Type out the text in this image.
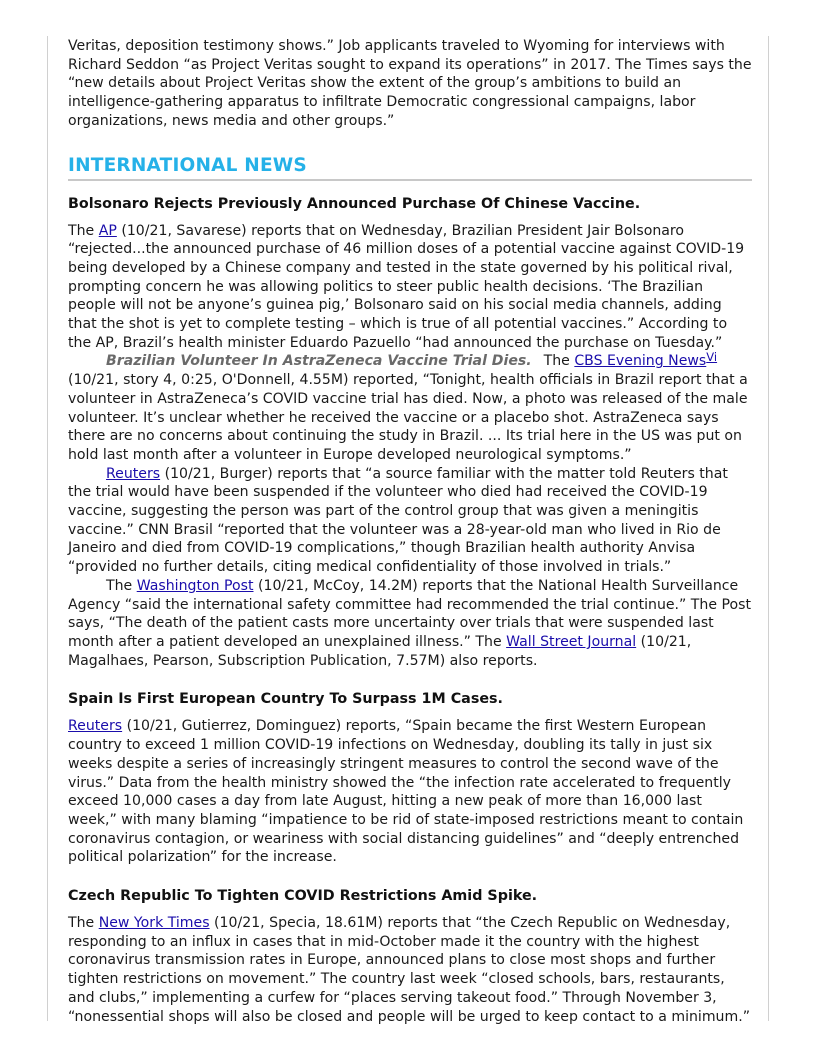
Veritas, deposition testimony shows.” Job applicants traveled to Wyoming for interviews with Richard Seddon “as Project Veritas sought to expand its operations” in 2017. The Times says the “new details about Project Veritas show the extent of the group’s ambitions to build an intelligence-gathering apparatus to infiltrate Democratic congressional campaigns, labor organizations, news media and other groups.”

INTERNATIONAL NEWS
Bolsonaro Rejects Previously Announced Purchase Of Chinese Vaccine.

The AP (10/21, Savarese) reports that on Wednesday, Brazilian President Jair Bolsonaro “rejected...the announced purchase of 46 million doses of a potential vaccine against COVID-19 being developed by a Chinese company and tested in the state governed by his political rival, prompting concern he was allowing politics to steer public health decisions. ‘The Brazilian people will not be anyone’s guinea pig,’ Bolsonaro said on his social media channels, adding that the shot is yet to complete testing – which is true of all potential vaccines.” According to the AP, Brazil’s health minister Eduardo Pazuello “had announced the purchase on Tuesday.”

Brazilian Volunteer In AstraZeneca Vaccine Trial Dies. The CBS Evening News$^{Vi}$ (10/21, story 4, 0:25, O'Donnell, 4.55M) reported, “Tonight, health officials in Brazil report that a volunteer in AstraZeneca’s COVID vaccine trial has died. Now, a photo was released of the male volunteer. It’s unclear whether he received the vaccine or a placebo shot. AstraZeneca says there are no concerns about continuing the study in Brazil. ... Its trial here in the US was put on hold last month after a volunteer in Europe developed neurological symptoms.”

Reuters (10/21, Burger) reports that “a source familiar with the matter told Reuters that the trial would have been suspended if the volunteer who died had received the COVID-19 vaccine, suggesting the person was part of the control group that was given a meningitis vaccine.” CNN Brasil “reported that the volunteer was a 28-year-old man who lived in Rio de Janeiro and died from COVID-19 complications,” though Brazilian health authority Anvisa “provided no further details, citing medical confidentiality of those involved in trials.”

The Washington Post (10/21, McCoy, 14.2M) reports that the National Health Surveillance Agency “said the international safety committee had recommended the trial continue.” The Post says, “The death of the patient casts more uncertainty over trials that were suspended last month after a patient developed an unexplained illness.” The Wall Street Journal (10/21, Magalhaes, Pearson, Subscription Publication, 7.57M) also reports.

Spain Is First European Country To Surpass 1M Cases.

Reuters (10/21, Gutierrez, Dominguez) reports, “Spain became the first Western European country to exceed 1 million COVID-19 infections on Wednesday, doubling its tally in just six weeks despite a series of increasingly stringent measures to control the second wave of the virus.” Data from the health ministry showed the “the infection rate accelerated to frequently exceed 10,000 cases a day from late August, hitting a new peak of more than 16,000 last week,” with many blaming “impatience to be rid of state-imposed restrictions meant to contain coronavirus contagion, or weariness with social distancing guidelines” and “deeply entrenched political polarization” for the increase.

Czech Republic To Tighten COVID Restrictions Amid Spike.

The New York Times (10/21, Specia, 18.61M) reports that “the Czech Republic on Wednesday, responding to an influx in cases that in mid-October made it the country with the highest coronavirus transmission rates in Europe, announced plans to close most shops and further tighten restrictions on movement.” The country last week “closed schools, bars, restaurants, and clubs,” implementing a curfew for “places serving takeout food.” Through November 3, “nonessential shops will also be closed and people will be urged to keep contact to a minimum.”
